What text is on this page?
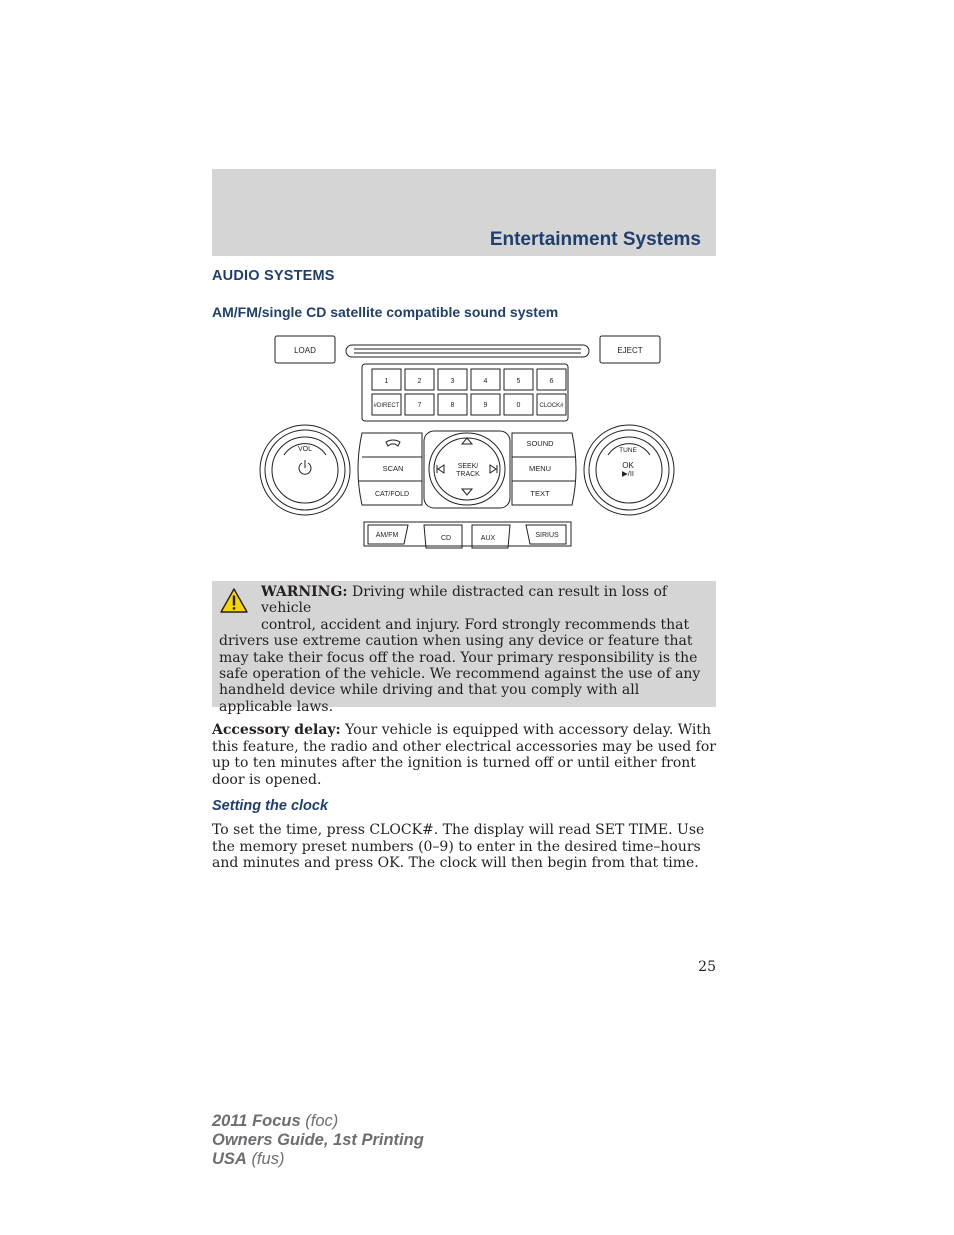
Entertainment Systems
AUDIO SYSTEMS
AM/FM/single CD satellite compatible sound system
LOAD	EJECT
1	2	3	4	5	6
#DIRECT	7	8	9	0	CLOCK#
VOL
SCAN
CAT/FOLD
SEEK/
TRACK
SOUND
MENU
TEXT
TUNE
OK
▶/II
AM/FM	CD	AUX	SIRIUS
WARNING: Driving while distracted can result in loss of vehicle
control, accident and injury. Ford strongly recommends that
drivers use extreme caution when using any device or feature that may take their focus off the road. Your primary responsibility is the safe operation of the vehicle. We recommend against the use of any handheld device while driving and that you comply with all applicable laws.
Accessory delay: Your vehicle is equipped with accessory delay. With this feature, the radio and other electrical accessories may be used for up to ten minutes after the ignition is turned off or until either front door is opened.
Setting the clock
To set the time, press CLOCK#. The display will read SET TIME. Use the memory preset numbers (0–9) to enter in the desired time–hours and minutes and press OK. The clock will then begin from that time.
25
2011 Focus (foc)
Owners Guide, 1st Printing
USA (fus)
